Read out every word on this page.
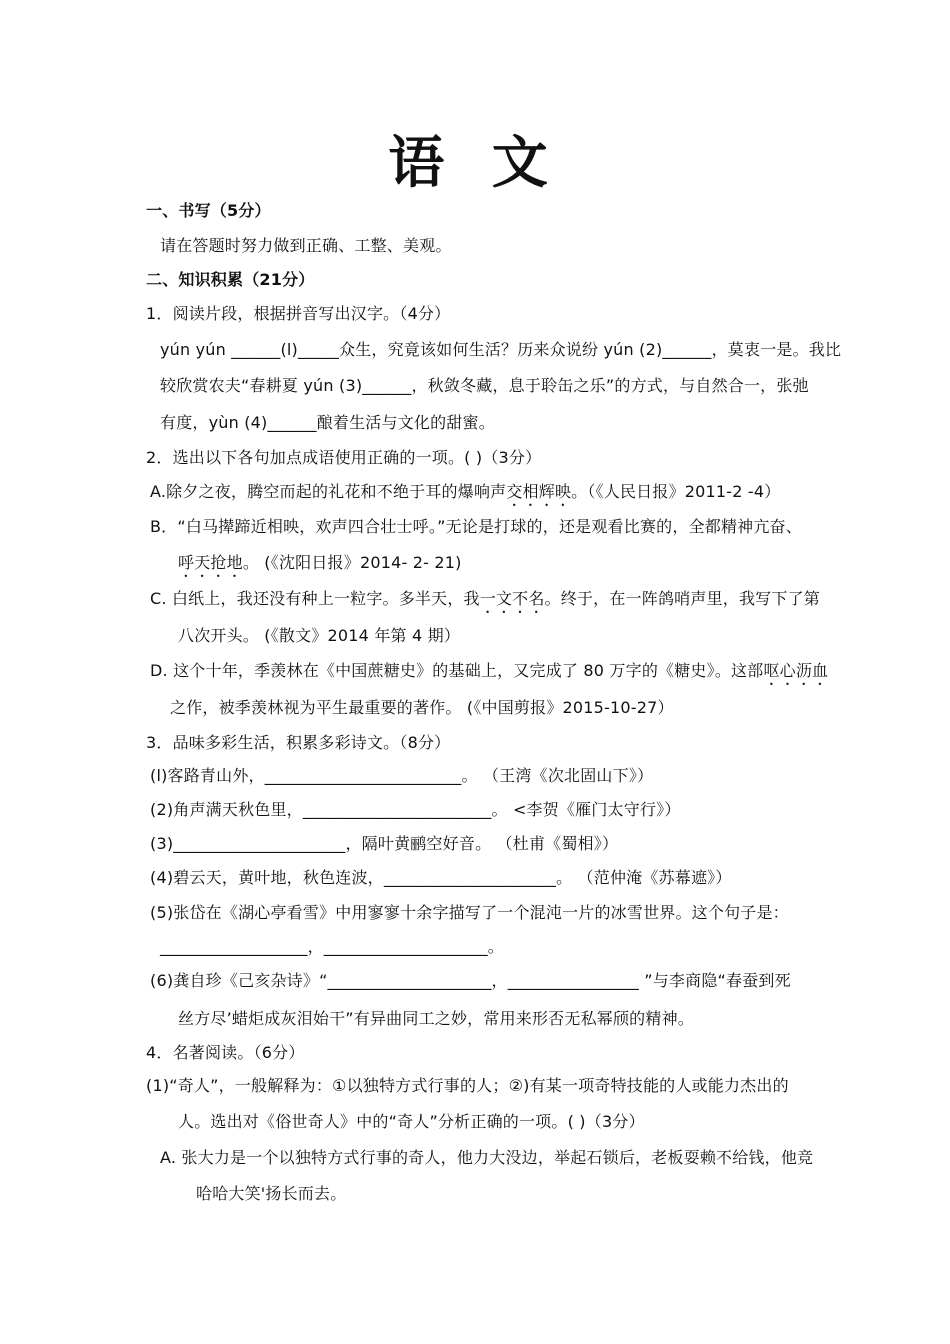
语 文
一、书写（5分）
请在答题时努力做到正确、工整、美观。
二、知识积累（21分）
1．阅读片段，根据拼音写出汉字。（4分）
yún yún ______(l)_____众生，究竟该如何生活？历来众说纷 yún (2)______，莫衷一是。我比
较欣赏农夫“春耕夏 yún (3)______，秋敛冬藏，息于聆缶之乐”的方式，与自然合一，张弛
有度，yùn (4)______酿着生活与文化的甜蜜。
2．选出以下各句加点成语使用正确的一项。( )（3分）
A.除夕之夜，腾空而起的礼花和不绝于耳的爆响声交相辉映。（《人民日报》2011-2 -4）
B．“白马撵蹄近相映，欢声四合壮士呼。”无论是打球的，还是观看比赛的，全都精神亢奋、
呼天抢地。 (《沈阳日报》2014- 2- 21)
C. 白纸上，我还没有种上一粒字。多半天，我一文不名。终于，在一阵鸽哨声里，我写下了第
八次开头。 (《散文》2014 年第 4 期）
D. 这个十年，季羡林在《中国蔗糖史》的基础上，又完成了 80 万字的《糖史》。这部呕心沥血
之作，被季羡林视为平生最重要的著作。 (《中国剪报》2015-10-27）
3．品味多彩生活，积累多彩诗文。（8分）
(l)客路青山外，________________________。 （王湾《次北固山下》）
(2)角声满天秋色里，_______________________。 <李贺《雁门太守行》）
(3)_____________________，隔叶黄鹂空好音。 （杜甫《蜀相》）
(4)碧云天，黄叶地，秋色连波，_____________________。 （范仲淹《苏幕遮》）
(5)张岱在《湖心亭看雪》中用寥寥十余字描写了一个混沌一片的冰雪世界。这个句子是：
__________________，____________________。
(6)龚自珍《己亥杂诗》“____________________，________________ ”与李商隐“春蚕到死
丝方尽’蜡炬成灰泪始干”有异曲同工之妙，常用来形否无私幂颀的精神。
4．名著阅读。（6分）
(1)“奇人”，一般解释为：①以独特方式行事的人；②)有某一项奇特技能的人或能力杰出的
人。选出对《俗世奇人》中的“奇人”分析正确的一项。( )（3分）
A. 张大力是一个以独特方式行事的奇人，他力大没边，举起石锁后，老板耍赖不给钱，他竞
哈哈大笑'扬长而去。
